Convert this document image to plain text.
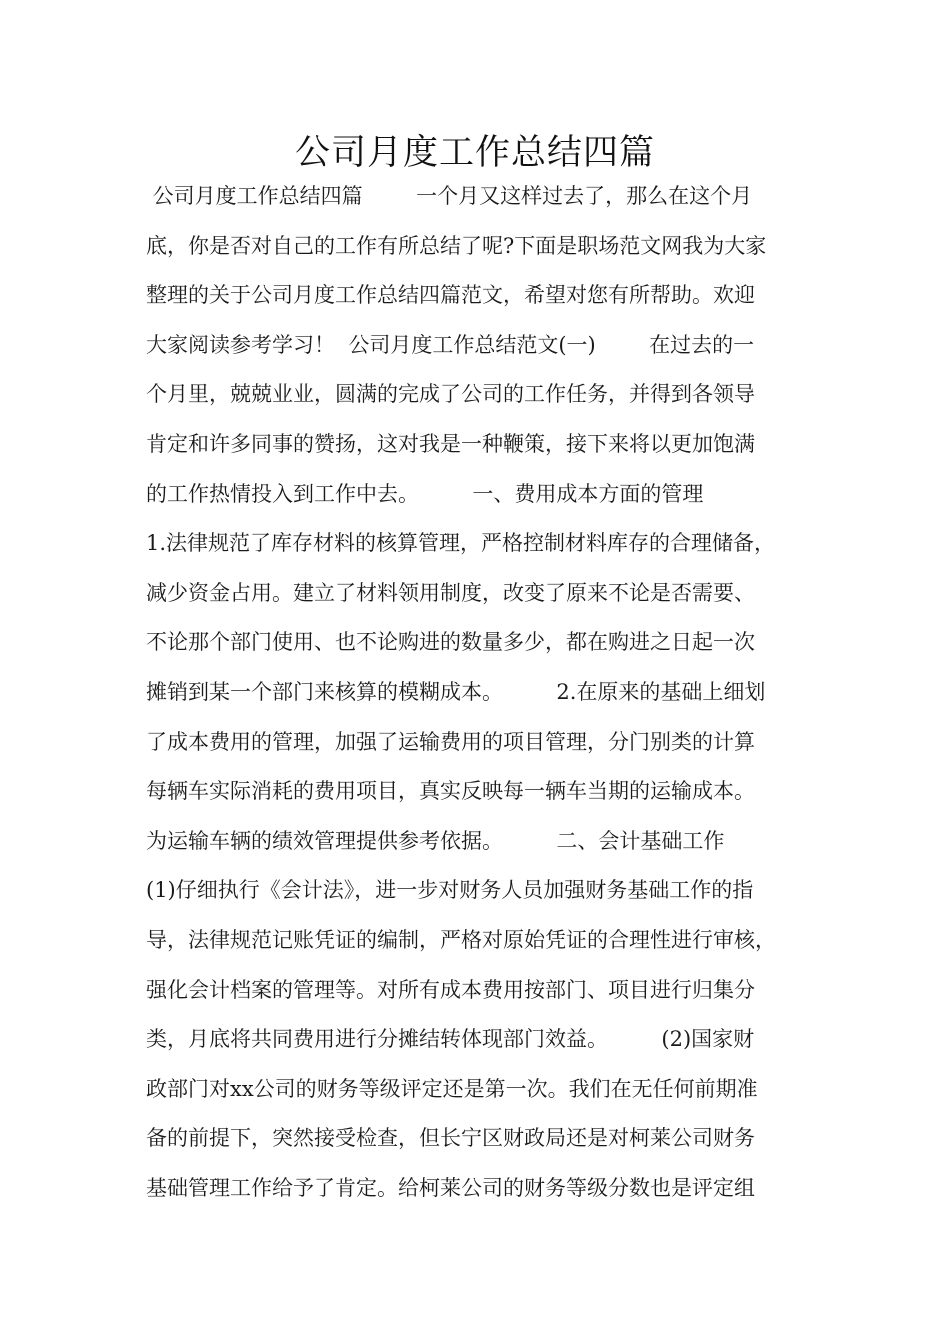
公司月度工作总结四篇
公司月度工作总结四篇        一个月又这样过去了，那么在这个月
底，你是否对自己的工作有所总结了呢?下面是职场范文网我为大家
整理的关于公司月度工作总结四篇范文，希望对您有所帮助。欢迎
大家阅读参考学习！  公司月度工作总结范文(一)        在过去的一
个月里，兢兢业业，圆满的完成了公司的工作任务，并得到各领导
肯定和许多同事的赞扬，这对我是一种鞭策，接下来将以更加饱满
的工作热情投入到工作中去。        一、费用成本方面的管理
1.法律规范了库存材料的核算管理，严格控制材料库存的合理储备，
减少资金占用。建立了材料领用制度，改变了原来不论是否需要、
不论那个部门使用、也不论购进的数量多少，都在购进之日起一次
摊销到某一个部门来核算的模糊成本。        2.在原来的基础上细划
了成本费用的管理，加强了运输费用的项目管理，分门别类的计算
每辆车实际消耗的费用项目，真实反映每一辆车当期的运输成本。
为运输车辆的绩效管理提供参考依据。        二、会计基础工作
(1)仔细执行《会计法》，进一步对财务人员加强财务基础工作的指
导，法律规范记账凭证的编制，严格对原始凭证的合理性进行审核，
强化会计档案的管理等。对所有成本费用按部门、项目进行归集分
类，月底将共同费用进行分摊结转体现部门效益。        (2)国家财
政部门对xx公司的财务等级评定还是第一次。我们在无任何前期准
备的前提下，突然接受检查，但长宁区财政局还是对柯莱公司财务
基础管理工作给予了肯定。给柯莱公司的财务等级分数也是评定组
